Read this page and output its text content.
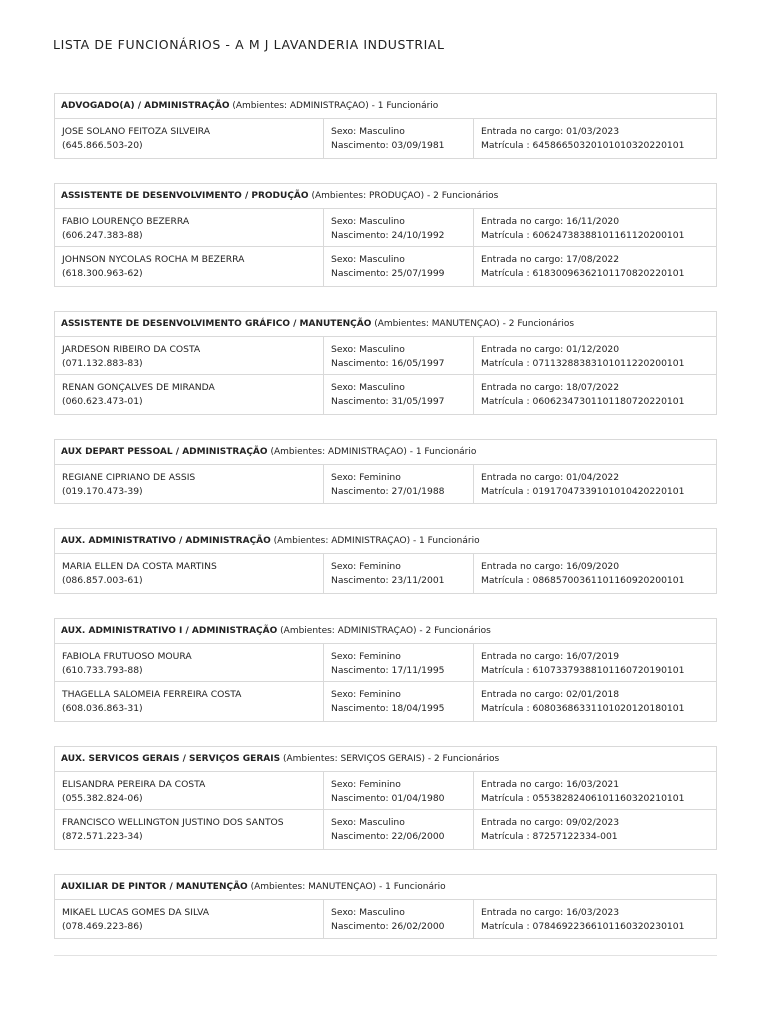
LISTA DE FUNCIONÁRIOS - A M J LAVANDERIA INDUSTRIAL
ADVOGADO(A) / ADMINISTRAÇÃO (Ambientes: ADMINISTRAÇAO) - 1 Funcionário
JOSE SOLANO FEITOZA SILVEIRA
(645.866.503-20)
Sexo: Masculino
Nascimento: 03/09/1981
Entrada no cargo: 01/03/2023
Matrícula : 64586650320101010320220101
ASSISTENTE DE DESENVOLVIMENTO / PRODUÇÃO (Ambientes: PRODUÇAO) - 2 Funcionários
FABIO LOURENÇO BEZERRA
(606.247.383-88)
Sexo: Masculino
Nascimento: 24/10/1992
Entrada no cargo: 16/11/2020
Matrícula : 60624738388101161120200101
JOHNSON NYCOLAS ROCHA M BEZERRA
(618.300.963-62)
Sexo: Masculino
Nascimento: 25/07/1999
Entrada no cargo: 17/08/2022
Matrícula : 61830096362101170820220101
ASSISTENTE DE DESENVOLVIMENTO GRÁFICO / MANUTENÇÃO (Ambientes: MANUTENÇAO) - 2 Funcionários
JARDESON RIBEIRO DA COSTA
(071.132.883-83)
Sexo: Masculino
Nascimento: 16/05/1997
Entrada no cargo: 01/12/2020
Matrícula : 07113288383101011220200101
RENAN GONÇALVES DE MIRANDA
(060.623.473-01)
Sexo: Masculino
Nascimento: 31/05/1997
Entrada no cargo: 18/07/2022
Matrícula : 06062347301101180720220101
AUX DEPART PESSOAL / ADMINISTRAÇÃO (Ambientes: ADMINISTRAÇAO) - 1 Funcionário
REGIANE CIPRIANO DE ASSIS
(019.170.473-39)
Sexo: Feminino
Nascimento: 27/01/1988
Entrada no cargo: 01/04/2022
Matrícula : 01917047339101010420220101
AUX. ADMINISTRATIVO / ADMINISTRAÇÃO (Ambientes: ADMINISTRAÇAO) - 1 Funcionário
MARIA ELLEN DA COSTA MARTINS
(086.857.003-61)
Sexo: Feminino
Nascimento: 23/11/2001
Entrada no cargo: 16/09/2020
Matrícula : 08685700361101160920200101
AUX. ADMINISTRATIVO I / ADMINISTRAÇÃO (Ambientes: ADMINISTRAÇAO) - 2 Funcionários
FABIOLA FRUTUOSO MOURA
(610.733.793-88)
Sexo: Feminino
Nascimento: 17/11/1995
Entrada no cargo: 16/07/2019
Matrícula : 61073379388101160720190101
THAGELLA SALOMEIA FERREIRA COSTA
(608.036.863-31)
Sexo: Feminino
Nascimento: 18/04/1995
Entrada no cargo: 02/01/2018
Matrícula : 60803686331101020120180101
AUX. SERVICOS GERAIS / SERVIÇOS GERAIS (Ambientes: SERVIÇOS GERAIS) - 2 Funcionários
ELISANDRA PEREIRA DA COSTA
(055.382.824-06)
Sexo: Feminino
Nascimento: 01/04/1980
Entrada no cargo: 16/03/2021
Matrícula : 05538282406101160320210101
FRANCISCO WELLINGTON JUSTINO DOS SANTOS
(872.571.223-34)
Sexo: Masculino
Nascimento: 22/06/2000
Entrada no cargo: 09/02/2023
Matrícula : 87257122334-001
AUXILIAR DE PINTOR / MANUTENÇÃO (Ambientes: MANUTENÇAO) - 1 Funcionário
MIKAEL LUCAS GOMES DA SILVA
(078.469.223-86)
Sexo: Masculino
Nascimento: 26/02/2000
Entrada no cargo: 16/03/2023
Matrícula : 07846922366101160320230101
